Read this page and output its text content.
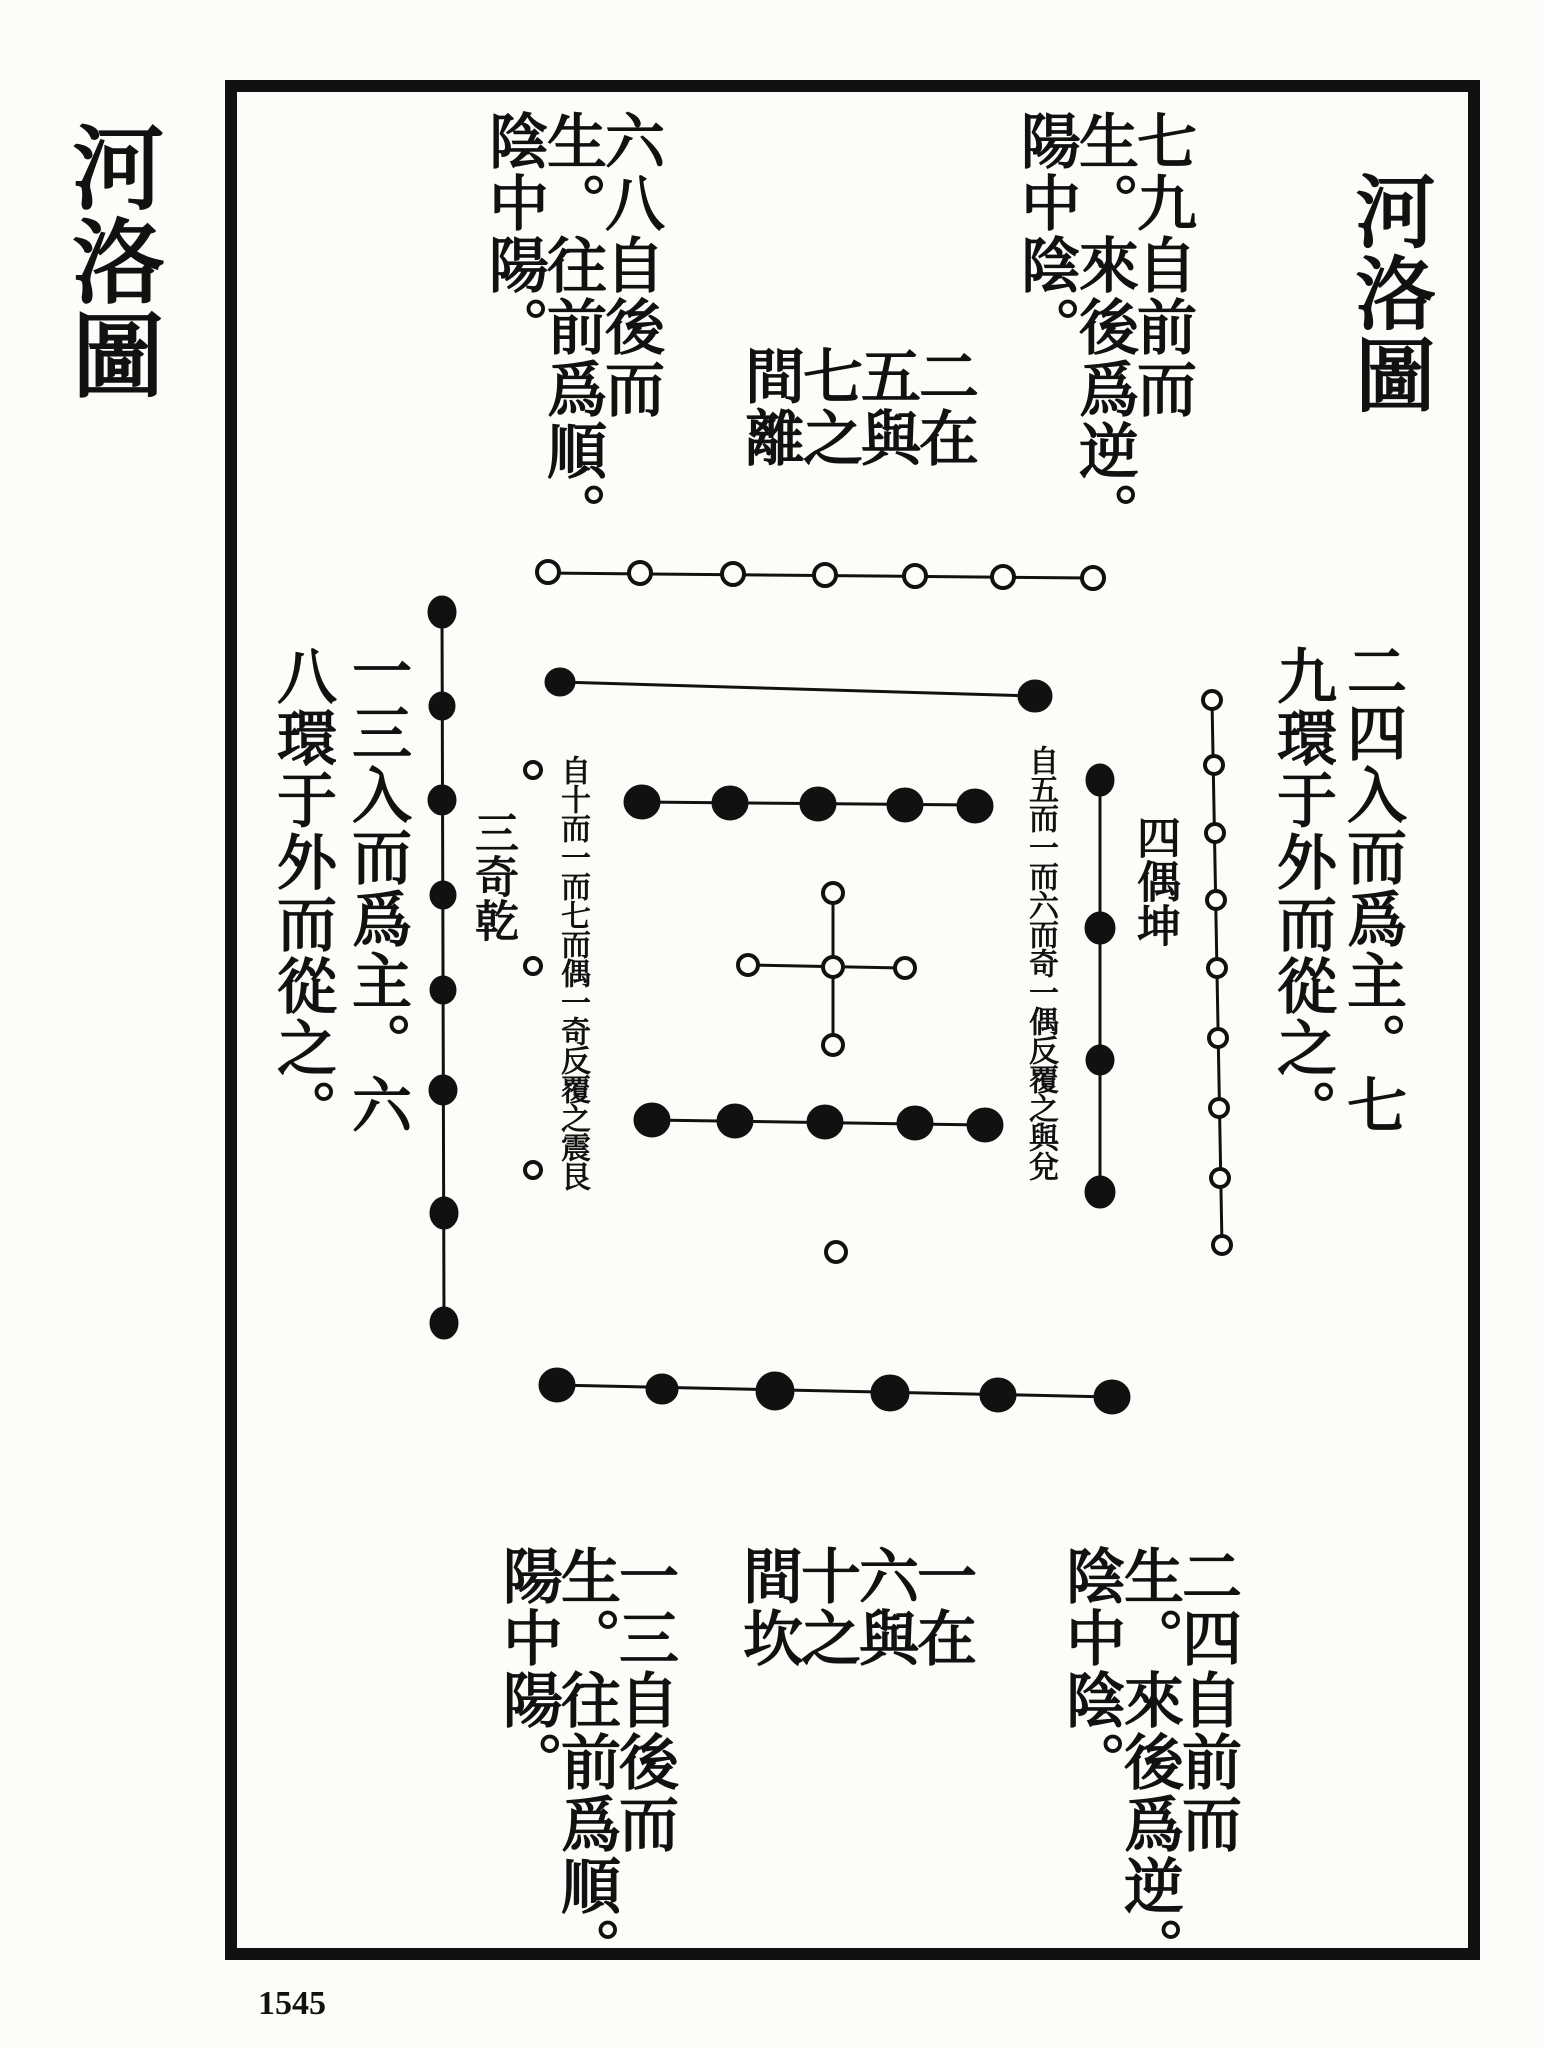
河洛圖	河洛圖
七九自前而
生。來後爲逆。
陽中陰。
六八自後而
生。往前爲順。
陰中陽。
二在
五與
七之
間離
二四入而爲主。七
九環于外而從之。
一三入而爲主。六
八環于外而從之。	四偶坤
三奇乾	自五而一而六而奇一偶反覆之與兌
自十而一而七而偶一奇反覆之震艮
二四自前而
生。來後爲逆。
陰中陰。
一三自後而
生。往前爲順。
陽中陽。	一在
六與
十之
間坎
1545
